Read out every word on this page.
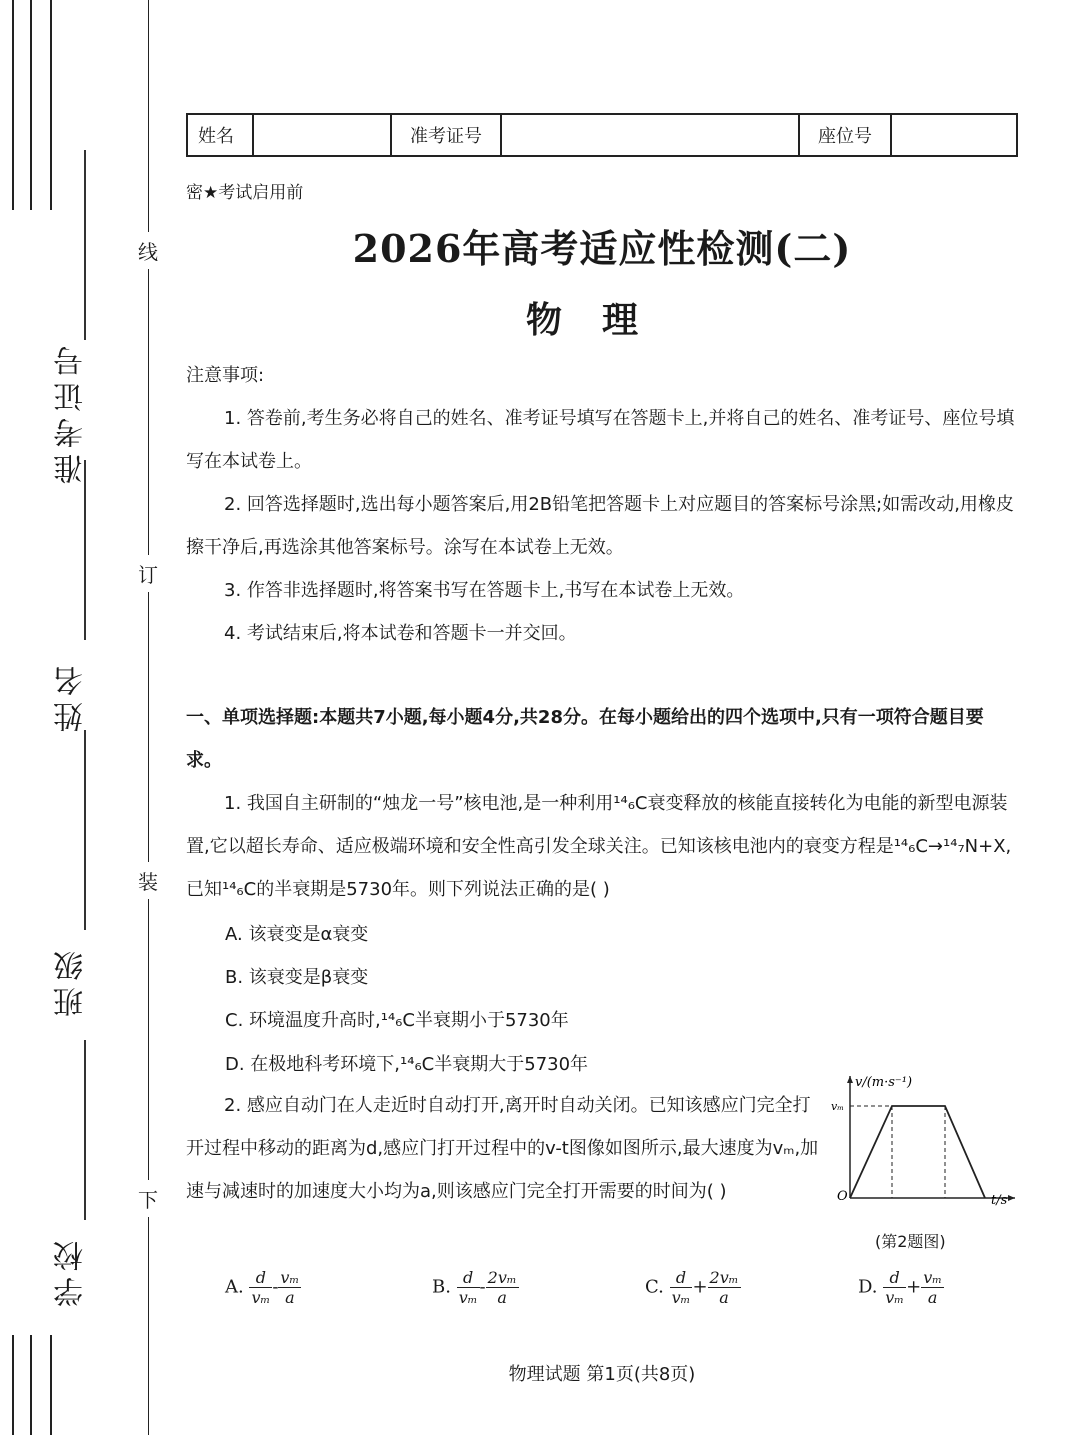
准考证号
姓名
班级
学校
线
订
装
下
姓名		准考证号		座位号	
密★考试启用前
2026年高考适应性检测(二)
物理
注意事项:
1. 答卷前,考生务必将自己的姓名、准考证号填写在答题卡上,并将自己的姓名、准考证号、座位号填写在本试卷上。
2. 回答选择题时,选出每小题答案后,用2B铅笔把答题卡上对应题目的答案标号涂黑;如需改动,用橡皮擦干净后,再选涂其他答案标号。涂写在本试卷上无效。
3. 作答非选择题时,将答案书写在答题卡上,书写在本试卷上无效。
4. 考试结束后,将本试卷和答题卡一并交回。
一、单项选择题:本题共7小题,每小题4分,共28分。在每小题给出的四个选项中,只有一项符合题目要求。
1. 我国自主研制的“烛龙一号”核电池,是一种利用¹⁴₆C衰变释放的核能直接转化为电能的新型电源装置,它以超长寿命、适应极端环境和安全性高引发全球关注。已知该核电池内的衰变方程是¹⁴₆C→¹⁴₇N+X,已知¹⁴₆C的半衰期是5730年。则下列说法正确的是( )
A. 该衰变是α衰变
B. 该衰变是β衰变
C. 环境温度升高时,¹⁴₆C半衰期小于5730年
D. 在极地科考环境下,¹⁴₆C半衰期大于5730年
2. 感应自动门在人走近时自动打开,离开时自动关闭。已知该感应门完全打开过程中移动的距离为d,感应门打开过程中的v-t图像如图所示,最大速度为vₘ,加速与减速时的加速度大小均为a,则该感应门完全打开需要的时间为( )
v/(m·s⁻¹)
t/s
O
vₘ
(第2题图)
A. $\frac{d}{\text{vₘ}} - \frac{\text{vₘ}}{a}$	B. $\frac{d}{\text{vₘ}} - \frac{\text{2vₘ}}{a}$	C. $\frac{d}{\text{vₘ}} + \frac{\text{2vₘ}}{a}$	D. $\frac{d}{\text{vₘ}} + \frac{\text{vₘ}}{a}$
物理试题 第1页(共8页)
